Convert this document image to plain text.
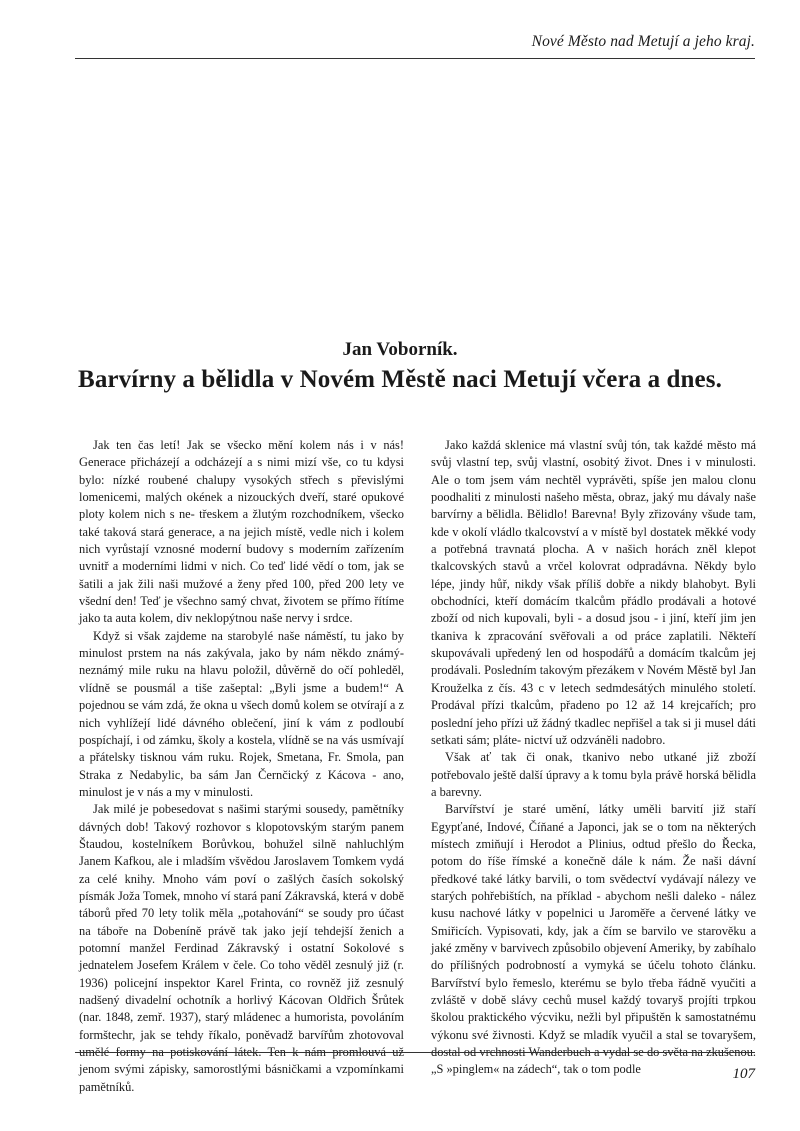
Nové Město nad Metují a jeho kraj.
Jan Voborník.
Barvírny a bělidla v Novém Městě naci Metují včera a dnes.

Jak ten čas letí! Jak se všecko mění kolem nás i v nás! Generace přicházejí a odcházejí a s nimi mizí vše, co tu kdysi bylo: nízké roubené chalupy vysokých střech s převislými lomenicemi, malých okének a nizouckých dveří, staré opukové ploty kolem nich s ne- třeskem a žlutým rozchodníkem, všecko také taková stará generace, a na jejich místě, vedle nich i kolem nich vyrůstají vznosné moderní budovy s moderním zařízením uvnitř a moderními lidmi v nich. Co teď lidé vědí o tom, jak se šatili a jak žili naši mužové a ženy před 100, před 200 lety ve všední den! Teď je všechno samý chvat, životem se přímo řítíme jako ta auta kolem, div neklopýtnou naše nervy i srdce.

Když si však zajdeme na starobylé naše náměstí, tu jako by minulost prstem na nás zakývala, jako by nám někdo známý-neznámý mile ruku na hlavu položil, důvěrně do očí pohleděl, vlídně se pousmál a tiše zašeptal: „Byli jsme a budem!“ A pojednou se vám zdá, že okna u všech domů kolem se otvírají a z nich vyhlížejí lidé dávného oblečení, jiní k vám z podloubí pospíchají, i od zámku, školy a kostela, vlídně se na vás usmívají a přátelsky tisknou vám ruku. Rojek, Smetana, Fr. Smola, pan Straka z Nedabylic, ba sám Jan Černčický z Kácova - ano, minulost je v nás a my v minulosti.

Jak milé je pobesedovat s našimi starými sousedy, pamětníky dávných dob! Takový rozhovor s klopotovským starým panem Štaudou, kostelníkem Borůvkou, bohužel silně nahluchlým Janem Kafkou, ale i mladším všvědou Jaroslavem Tomkem vydá za celé knihy. Mnoho vám poví o zašlých časích sokolský písmák Joža Tomek, mnoho ví stará paní Zákravská, která v době táborů před 70 lety tolik měla „potahování“ se soudy pro účast na táboře na Dobeníně právě tak jako její tehdejší ženich a potomní manžel Ferdinad Zákravský i ostatní Sokolové s jednatelem Josefem Králem v čele. Co toho věděl zesnulý již (r. 1936) policejní inspektor Karel Frinta, co rovněž již zesnulý nadšený divadelní ochotník a horlivý Kácovan Oldřich Šrůtek (nar. 1848, zemř. 1937), starý mládenec a humorista, povoláním formštechr, jak se tehdy říkalo, poněvadž barvířům zhotovoval umělé formy na potiskování látek. Ten k nám promlouvá už jenom svými zápisky, samorostlými básničkami a vzpomínkami pamětníků.

Jako každá sklenice má vlastní svůj tón, tak každé město má svůj vlastní tep, svůj vlastní, osobitý život. Dnes i v minulosti. Ale o tom jsem vám nechtěl vyprávěti, spíše jen malou clonu poodhaliti z minulosti našeho města, obraz, jaký mu dávaly naše barvírny a bělidla. Bělidlo! Barevna! Byly zřizovány všude tam, kde v okolí vládlo tkalcovství a v místě byl dostatek měkké vody a potřebná travnatá plocha. A v našich horách zněl klepot tkalcovských stavů a vrčel kolovrat odpradávna. Někdy bylo lépe, jindy hůř, nikdy však příliš dobře a nikdy blahobyt. Byli obchodníci, kteří domácím tkalcům přádlo prodávali a hotové zboží od nich kupovali, byli - a dosud jsou - i jiní, kteří jim jen tkaniva k zpracování svěřovali a od práce zaplatili. Někteří skupovávali upředený len od hospodářů a domácím tkalcům jej prodávali. Posledním takovým přezákem v Novém Městě byl Jan Krouželka z čís. 43 c v letech sedmdesátých minulého století. Prodával přízi tkalcům, přadeno po 12 až 14 krejcařích; pro poslední jeho přízi už žádný tkadlec nepřišel a tak si ji musel dáti setkati sám; pláte- nictví už odzváněli nadobro.

Však ať tak či onak, tkanivo nebo utkané již zboží potřebovalo ještě další úpravy a k tomu byla právě horská bělidla a barevny.

Barvířství je staré umění, látky uměli barvití již staří Egypťané, Indové, Číňané a Japonci, jak se o tom na některých místech zmiňují i Herodot a Plinius, odtud přešlo do Řecka, potom do říše římské a konečně dále k nám. Že naši dávní předkové také látky barvili, o tom svědectví vydávají nálezy ve starých pohřebištích, na příklad - abychom nešli daleko - nález kusu nachové látky v popelnici u Jaroměře a červené látky ve Smiřicích. Vypisovati, kdy, jak a čím se barvilo ve starověku a jaké změny v barvivech způsobilo objevení Ameriky, by zabíhalo do přílišných podrobností a vymyká se účelu tohoto článku. Barvířství bylo řemeslo, kterému se bylo třeba řádně vyučiti a zvláště v době slávy cechů musel každý tovaryš projíti trpkou školou praktického výcviku, nežli byl připuštěn k samostatnému výkonu své živnosti. Když se mladík vyučil a stal se tovaryšem, dostal od vrchnosti Wanderbuch a vydal se do světa na zkušenou. „S »pinglem« na zádech“, tak o tom podle	107
